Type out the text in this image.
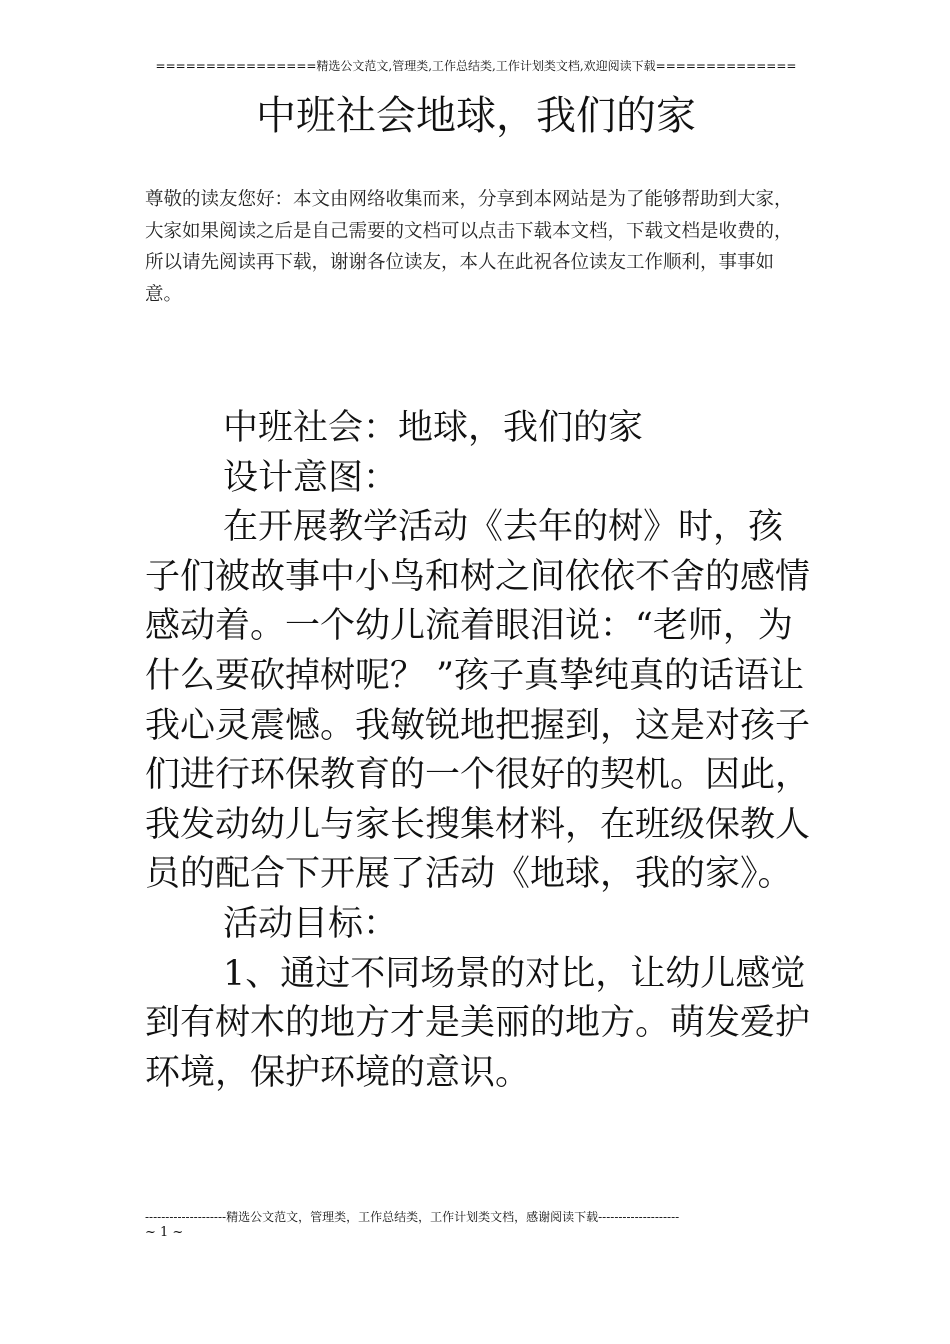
================精选公文范文,管理类,工作总结类,工作计划类文档,欢迎阅读下载==============
中班社会地球，我们的家

尊敬的读友您好：本文由网络收集而来，分享到本网站是为了能够帮助到大家，大家如果阅读之后是自己需要的文档可以点击下载本文档，下载文档是收费的，所以请先阅读再下载，谢谢各位读友，本人在此祝各位读友工作顺利，事事如意。

中班社会：地球，我们的家

设计意图：

在开展教学活动《去年的树》时，孩子们被故事中小鸟和树之间依依不舍的感情感动着。一个幼儿流着眼泪说：“老师，为什么要砍掉树呢？ ”孩子真挚纯真的话语让我心灵震憾。我敏锐地把握到，这是对孩子们进行环保教育的一个很好的契机。因此，我发动幼儿与家长搜集材料，在班级保教人员的配合下开展了活动《地球，我的家》。

活动目标：

1、通过不同场景的对比，让幼儿感觉到有树木的地方才是美丽的地方。萌发爱护环境，保护环境的意识。

--------------------精选公文范文，管理类，工作总结类，工作计划类文档，感谢阅读下载--------------------
~ 1 ~
